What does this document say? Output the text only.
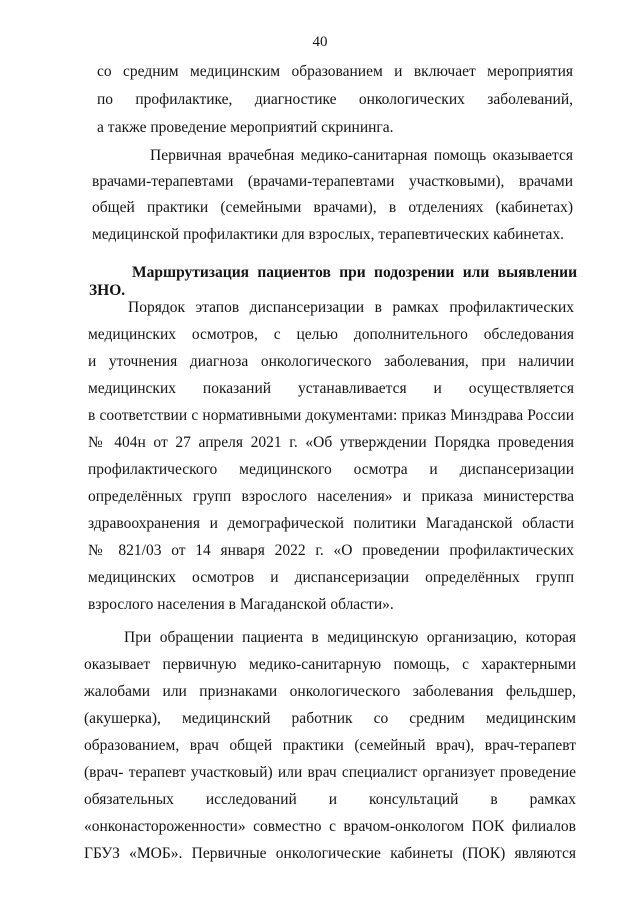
40
со средним медицинским образованием и включает мероприятия
по профилактике, диагностике онкологических заболеваний,
а также проведение мероприятий скрининга.
Первичная врачебная медико-санитарная помощь оказывается
врачами-терапевтами (врачами-терапевтами участковыми), врачами
общей практики (семейными врачами), в отделениях (кабинетах)
медицинской профилактики для взрослых, терапевтических кабинетах.
Маршрутизация пациентов при подозрении или выявлении
ЗНО.
Порядок этапов диспансеризации в рамках профилактических
медицинских осмотров, с целью дополнительного обследования
и уточнения диагноза онкологического заболевания, при наличии
медицинских показаний устанавливается и осуществляется
в соответствии с нормативными документами: приказ Минздрава России
№ 404н от 27 апреля 2021 г. «Об утверждении Порядка проведения
профилактического медицинского осмотра и диспансеризации
определённых групп взрослого населения» и приказа министерства
здравоохранения и демографической политики Магаданской области
№ 821/03 от 14 января 2022 г. «О проведении профилактических
медицинских осмотров и диспансеризации определённых групп
взрослого населения в Магаданской области».
При обращении пациента в медицинскую организацию, которая
оказывает первичную медико-санитарную помощь, с характерными
жалобами или признаками онкологического заболевания фельдшер,
(акушерка), медицинский работник со средним медицинским
образованием, врач общей практики (семейный врач), врач-терапевт
(врач- терапевт участковый) или врач специалист организует проведение
обязательных исследований и консультаций в рамках
«онконастороженности» совместно с врачом-онкологом ПОК филиалов
ГБУЗ «МОБ». Первичные онкологические кабинеты (ПОК) являются
